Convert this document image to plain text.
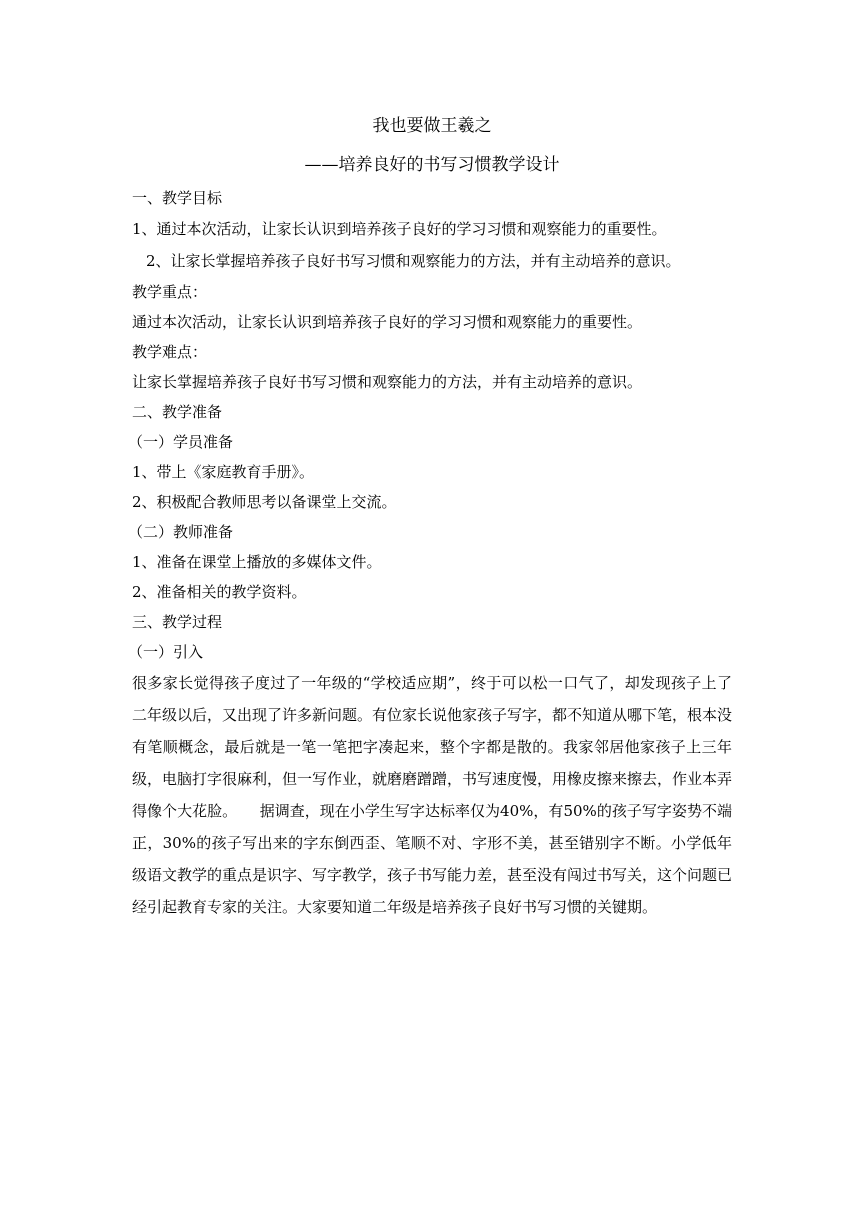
我也要做王羲之
——培养良好的书写习惯教学设计

一、教学目标

1、通过本次活动，让家长认识到培养孩子良好的学习习惯和观察能力的重要性。

2、让家长掌握培养孩子良好书写习惯和观察能力的方法，并有主动培养的意识。

教学重点：

通过本次活动，让家长认识到培养孩子良好的学习习惯和观察能力的重要性。

教学难点：

让家长掌握培养孩子良好书写习惯和观察能力的方法，并有主动培养的意识。

二、教学准备

（一）学员准备

1、带上《家庭教育手册》。

2、积极配合教师思考以备课堂上交流。

（二）教师准备

1、准备在课堂上播放的多媒体文件。

2、准备相关的教学资料。

三、教学过程

（一）引入

很多家长觉得孩子度过了一年级的“学校适应期”，终于可以松一口气了，却发现孩子上了二年级以后，又出现了许多新问题。有位家长说他家孩子写字，都不知道从哪下笔，根本没有笔顺概念，最后就是一笔一笔把字凑起来，整个字都是散的。我家邻居他家孩子上三年级，电脑打字很麻利，但一写作业，就磨磨蹭蹭，书写速度慢，用橡皮擦来擦去，作业本弄得像个大花脸。　　据调查，现在小学生写字达标率仅为40%，有50%的孩子写字姿势不端正，30%的孩子写出来的字东倒西歪、笔顺不对、字形不美，甚至错别字不断。小学低年级语文教学的重点是识字、写字教学，孩子书写能力差，甚至没有闯过书写关，这个问题已经引起教育专家的关注。大家要知道二年级是培养孩子良好书写习惯的关键期。
